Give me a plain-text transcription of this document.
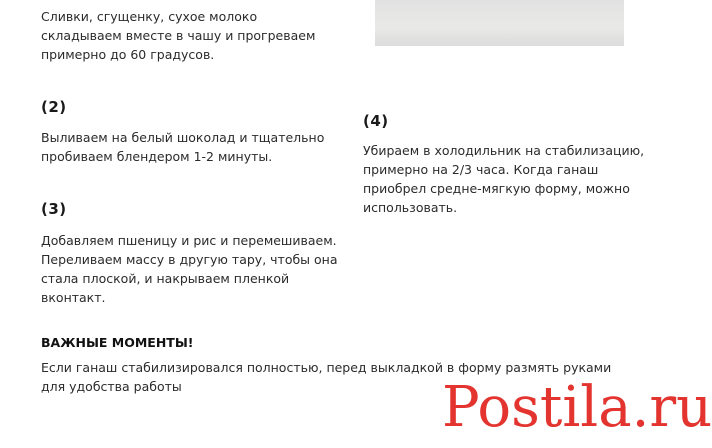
Сливки, сгущенку, сухое молоко
складываем вместе в чашу и прогреваем
примерно до 60 градусов.

(2)

Выливаем на белый шоколад и тщательно
пробиваем блендером 1-2 минуты.

(3)

Добавляем пшеницу и рис и перемешиваем.
Переливаем массу в другую тару, чтобы она
стала плоской, и накрываем пленкой
вконтакт.

(4)

Убираем в холодильник на стабилизацию,
примерно на 2/3 часа. Когда ганаш
приобрел средне-мягкую форму, можно
использовать.

ВАЖНЫЕ МОМЕНТЫ!

Если ганаш стабилизировался полностью, перед выкладкой в форму размять руками
для удобства работы	Postila.ru
